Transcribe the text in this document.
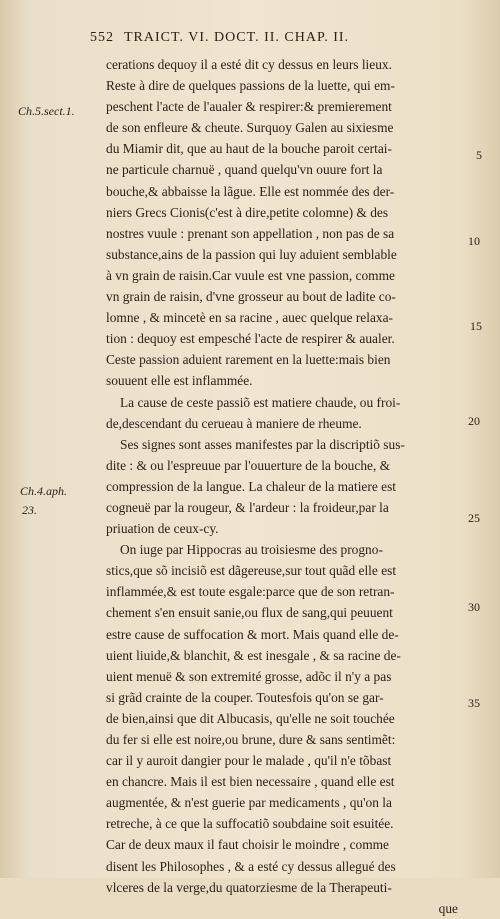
552 TRAICT. VI. DOCT. II. CHAP. II.
Ch.5.sect.1.
Ch.4.aph.
23.
5
10
15
20
25
30
35
cerations dequoy il a esté dit cy dessus en leurs lieux.
Reste à dire de quelques passions de la luette, qui em-
peschent l'acte de l'aualer & respirer:& premierement
de son enfleure & cheute. Surquoy Galen au sixiesme
du Miamir dit, que au haut de la bouche paroit certai-
ne particule charnuë , quand quelqu'vn ouure fort la
bouche,& abbaisse la lãgue. Elle est nommée des der-
niers Grecs Cionis(c'est à dire,petite colomne) & des
nostres vuule : prenant son appellation , non pas de sa
substance,ains de la passion qui luy aduient semblable
à vn grain de raisin.Car vuule est vne passion, comme
vn grain de raisin, d'vne grosseur au bout de ladite co-
lomne , & mincetè en sa racine , auec quelque relaxa-
tion : dequoy est empesché l'acte de respirer & aualer.
Ceste passion aduient rarement en la luette:mais bien
souuent elle est inflammée.
La cause de ceste passiõ est matiere chaude, ou froi-
de,descendant du cerueau à maniere de rheume.
Ses signes sont asses manifestes par la discriptiõ sus-
dite : & ou l'espreuue par l'ouuerture de la bouche, &
compression de la langue. La chaleur de la matiere est
cogneuë par la rougeur, & l'ardeur : la froideur,par la
priuation de ceux-cy.
On iuge par Hippocras au troisiesme des progno-
stics,que sõ incisiõ est dãgereuse,sur tout quãd elle est
inflammée,& est toute esgale:parce que de son retran-
chement s'en ensuit sanie,ou flux de sang,qui peuuent
estre cause de suffocation & mort. Mais quand elle de-
uient liuide,& blanchit, & est inesgale , & sa racine de-
uient menuë & son extremité grosse, adõc il n'y a pas
si grãd crainte de la couper. Toutesfois qu'on se gar-
de bien,ainsi que dit Albucasis, qu'elle ne soit touchée
du fer si elle est noire,ou brune, dure & sans sentimẽt:
car il y auroit dangier pour le malade , qu'il n'e tõbast
en chancre. Mais il est bien necessaire , quand elle est
augmentée, & n'est guerie par medicaments , qu'on la
retreche, à ce que la suffocatiõ soubdaine soit esuitée.
Car de deux maux il faut choisir le moindre , comme
disent les Philosophes , & a esté cy dessus allegué des
vlceres de la verge,du quatorziesme de la Therapeuti-
que
